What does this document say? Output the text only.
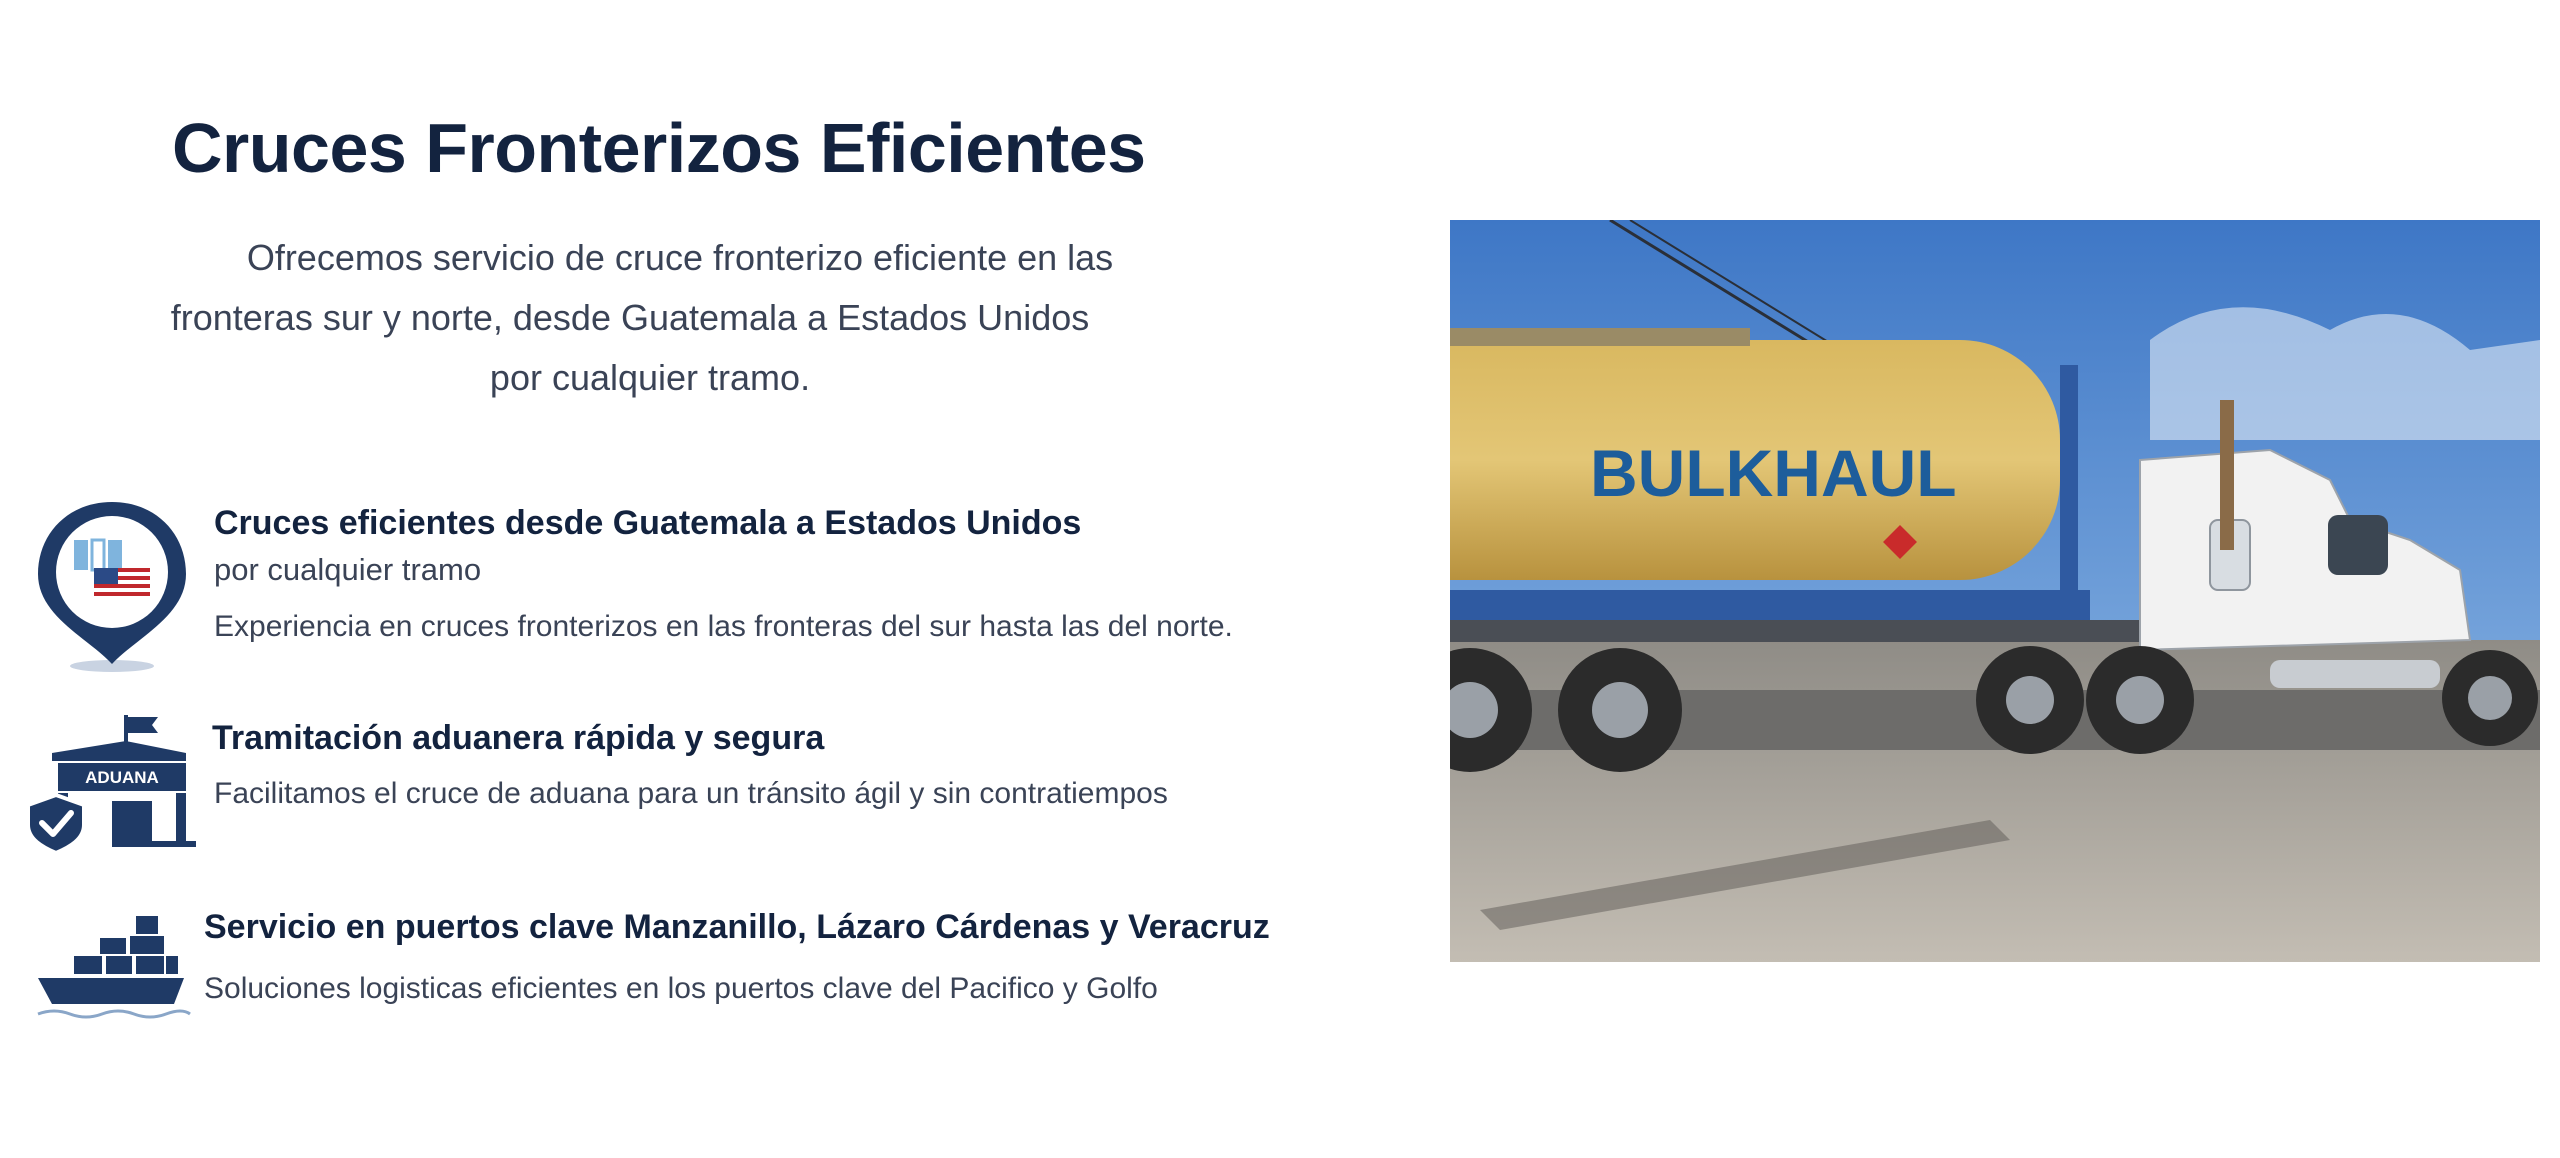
Cruces Fronterizos Eficientes
Ofrecemos servicio de cruce fronterizo eficiente en las
fronteras sur y norte, desde Guatemala a Estados Unidos
por cualquier tramo.
Cruces eficientes desde Guatemala a Estados Unidos
por cualquier tramo
Experiencia en cruces fronterizos en las fronteras del sur hasta las del norte.
ADUANA
Tramitación aduanera rápida y segura
Facilitamos el cruce de aduana para un tránsito ágil y sin contratiempos
Servicio en puertos clave Manzanillo, Lázaro Cárdenas y Veracruz
Soluciones logisticas eficientes en los puertos clave del Pacifico y Golfo
BULKHAUL
